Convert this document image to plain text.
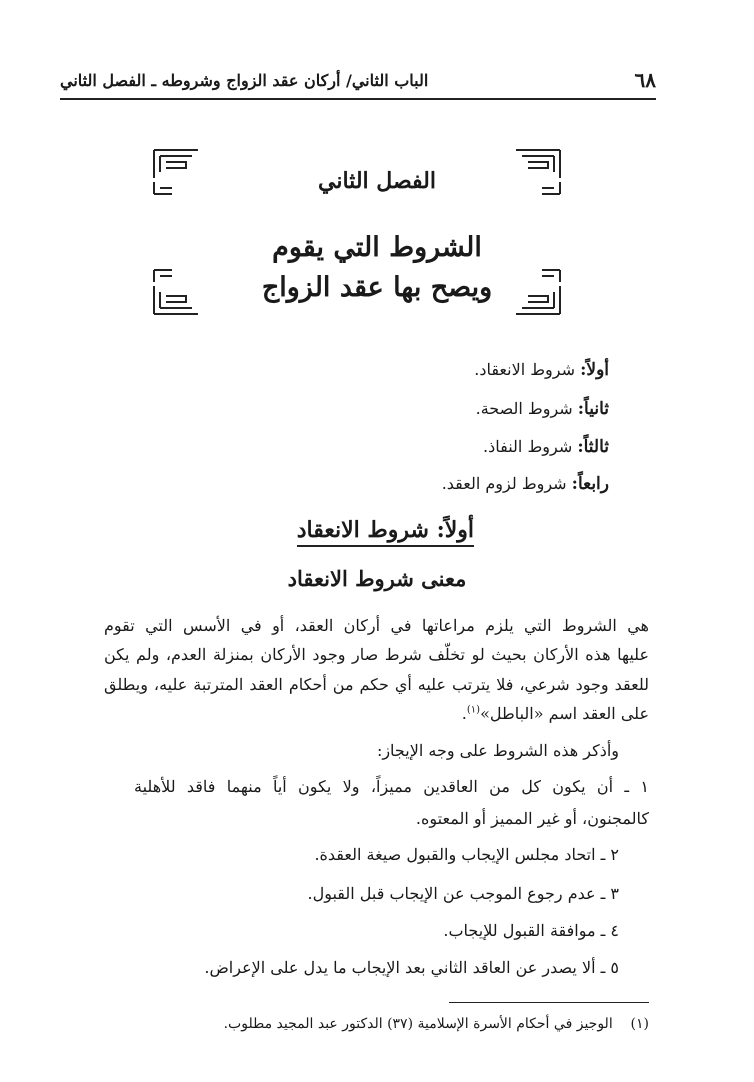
٦٨
الباب الثاني/ أركان عقد الزواج وشروطه ـ الفصل الثاني
الفصل الثاني
الشروط التي يقوم
ويصح بها عقد الزواج
أولاً: شروط الانعقاد.
ثانياً: شروط الصحة.
ثالثاً: شروط النفاذ.
رابعاً: شروط لزوم العقد.
أولاً: شروط الانعقاد
معنى شروط الانعقاد
هي الشروط التي يلزم مراعاتها في أركان العقد، أو في الأسس التي تقوم
عليها هذه الأركان بحيث لو تخلّف شرط صار وجود الأركان بمنزلة العدم، ولم يكن
للعقد وجود شرعي، فلا يترتب عليه أي حكم من أحكام العقد المترتبة عليه، ويطلق
على العقد اسم «الباطل»$^{(١)}$.
وأذكر هذه الشروط على وجه الإيجاز:
١ ـ أن يكون كل من العاقدين مميزاً، ولا يكون أياً منهما فاقد للأهلية
كالمجنون، أو غير المميز أو المعتوه.
٢ ـ اتحاد مجلس الإيجاب والقبول صيغة العقدة.
٣ ـ عدم رجوع الموجب عن الإيجاب قبل القبول.
٤ ـ موافقة القبول للإيجاب.
٥ ـ ألا يصدر عن العاقد الثاني بعد الإيجاب ما يدل على الإعراض.
(١)    الوجيز في أحكام الأسرة الإسلامية (٣٧) الدكتور عبد المجيد مطلوب.
